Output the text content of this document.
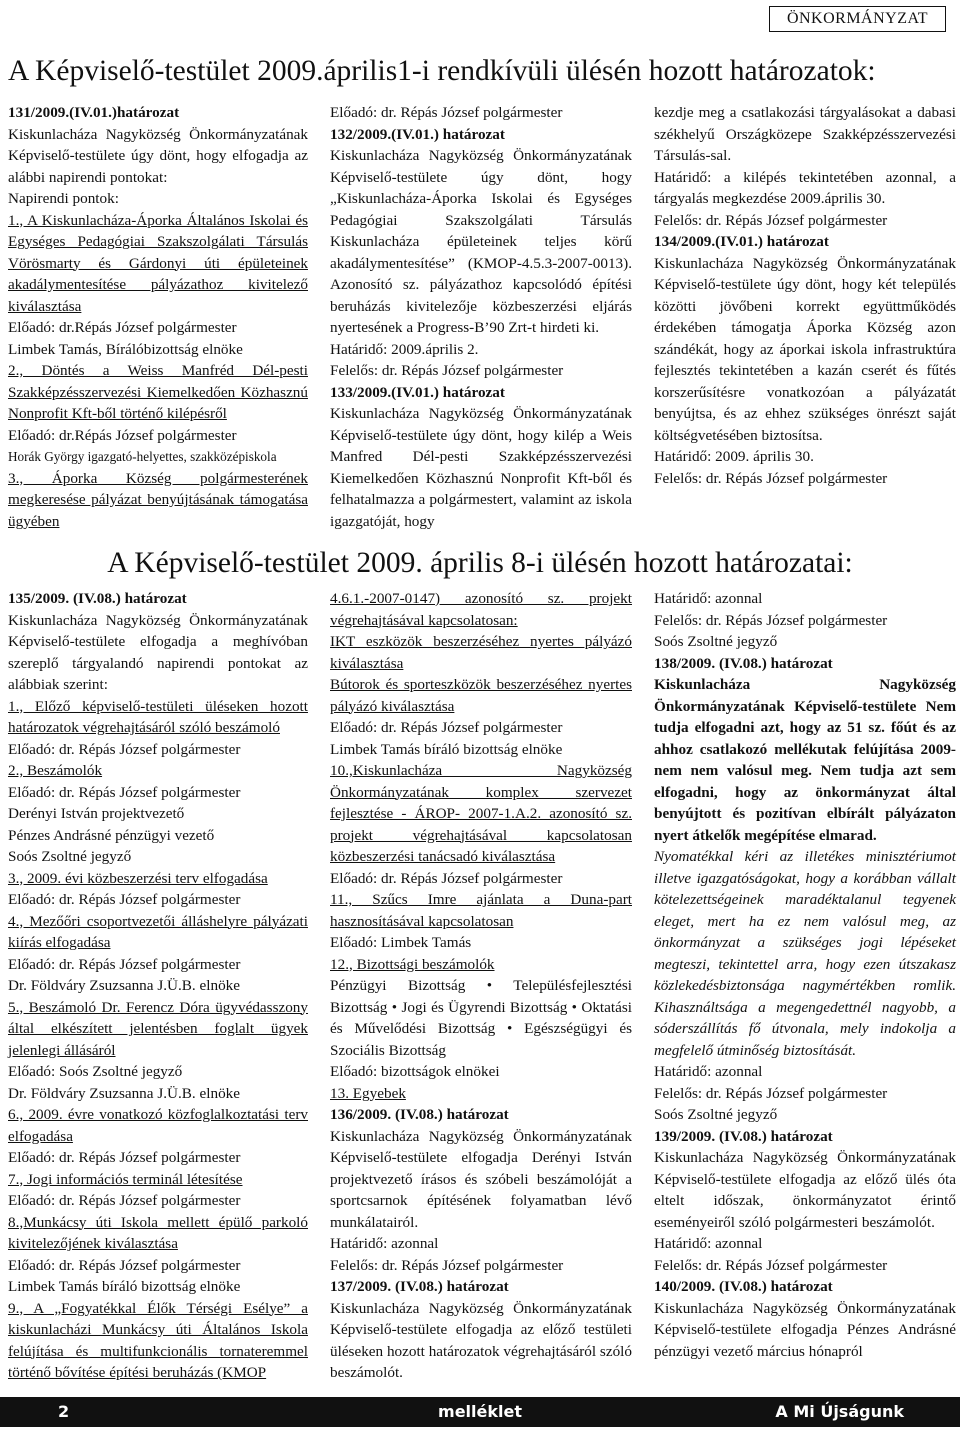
ÖNKORMÁNYZAT
A Képviselő-testület 2009.április1-i rendkívüli ülésén hozott határozatok:
A Képviselő-testület 2009. április 8-i ülésén hozott határozatai:

131/2009.(IV.01.)határozat

Kiskunlacháza Nagyközség Önkormányzatának Képviselő-testülete úgy dönt, hogy elfogadja az alábbi napirendi pontokat:

Napirendi pontok:

1., A Kiskunlacháza-Áporka Általános Iskolai és Egységes Pedagógiai Szakszolgálati Társulás Vörösmarty és Gárdonyi úti épületeinek akadálymentesítése pályázathoz kivitelező kiválasztása

Előadó: dr.Répás József polgármester

Limbek Tamás, Bírálóbizottság elnöke

2., Döntés a Weiss Manfréd Dél-pesti Szakképzésszervezési Kiemelkedően Közhasznú Nonprofit Kft-ből történő kilépésről

Előadó: dr.Répás József polgármester

Horák György igazgató-helyettes, szakközépiskola

3., Áporka Község polgármesterének megkeresése pályázat benyújtásának támogatása ügyében

Előadó: dr. Répás József polgármester

132/2009.(IV.01.) határozat

Kiskunlacháza Nagyközség Önkormányzatának Képviselő-testülete úgy dönt, hogy „Kiskunlacháza-Áporka Iskolai és Egységes Pedagógiai Szakszolgálati Társulás Kiskunlacháza épületeinek teljes körű akadálymentesítése” (KMOP-4.5.3-2007-0013). Azonosító sz. pályázathoz kapcsolódó építési beruházás kivitelezője közbeszerzési eljárás nyertesének a Progress-B’90 Zrt-t hirdeti ki.

Határidő: 2009.április 2.

Felelős: dr. Répás József polgármester

133/2009.(IV.01.) határozat

Kiskunlacháza Nagyközség Önkormányzatának Képviselő-testülete úgy dönt, hogy kilép a Weis Manfred Dél-pesti Szakképzésszervezési Kiemelkedően Közhasznú Nonprofit Kft-ből és felhatalmazza a polgármestert, valamint az iskola igazgatóját, hogy

kezdje meg a csatlakozási tárgyalásokat a dabasi székhelyű Országközepe Szakképzésszervezési Társulás-sal.

Határidő: a kilépés tekintetében azonnal, a tárgyalás megkezdése 2009.április 30.

Felelős: dr. Répás József polgármester

134/2009.(IV.01.) határozat

Kiskunlacháza Nagyközség Önkormányzatának Képviselő-testülete úgy dönt, hogy két település közötti jövőbeni korrekt együttműködés érdekében támogatja Áporka Község azon szándékát, hogy az áporkai iskola infrastruktúra fejlesztés tekintetében a kazán cserét és fűtés korszerűsítésre vonatkozóan a pályázatát benyújtsa, és az ehhez szükséges önrészt saját költségvetésében biztosítsa.

Határidő: 2009. április 30.

Felelős: dr. Répás József polgármester

135/2009. (IV.08.) határozat

Kiskunlacháza Nagyközség Önkormányzatának Képviselő-testülete elfogadja a meghívóban szereplő tárgyalandó napirendi pontokat az alábbiak szerint:

1., Előző képviselő-testületi üléseken hozott határozatok végrehajtásáról szóló beszámoló

Előadó: dr. Répás József polgármester

2., Beszámolók

Előadó: dr. Répás József polgármester

Derényi István projektvezető

Pénzes Andrásné pénzügyi vezető

Soós Zsoltné jegyző

3., 2009. évi közbeszerzési terv elfogadása

Előadó: dr. Répás József polgármester

4., Mezőőri csoportvezetői álláshelyre pályázati kiírás elfogadása

Előadó: dr. Répás József polgármester

Dr. Földváry Zsuzsanna J.Ü.B. elnöke

5., Beszámoló Dr. Ferencz Dóra ügyvédasszony által elkészített jelentésben foglalt ügyek jelenlegi állásáról

Előadó: Soós Zsoltné jegyző

Dr. Földváry Zsuzsanna J.Ü.B. elnöke

6., 2009. évre vonatkozó közfoglalkoztatási terv elfogadása

Előadó: dr. Répás József polgármester

7., Jogi információs terminál létesítése

Előadó: dr. Répás József polgármester

8.,Munkácsy úti Iskola mellett épülő parkoló kivitelezőjének kiválasztása

Előadó: dr. Répás József polgármester

Limbek Tamás bíráló bizottság elnöke

9., A „Fogyatékkal Élők Térségi Esélye” a kiskunlacházi Munkácsy úti Általános Iskola felújítása és multifunkcionális tornateremmel történő bővítése építési beruházás (KMOP

4.6.1.-2007-0147) azonosító sz. projekt végrehajtásával kapcsolatosan:

IKT eszközök beszerzéséhez nyertes pályázó kiválasztása

Bútorok és sporteszközök beszerzéséhez nyertes pályázó kiválasztása

Előadó: dr. Répás József polgármester

Limbek Tamás bíráló bizottság elnöke

10.,Kiskunlacháza Nagyközség Önkormányzatának komplex szervezet fejlesztése - ÁROP- 2007-1.A.2. azonosító sz. projekt végrehajtásával kapcsolatosan közbeszerzési tanácsadó kiválasztása

Előadó: dr. Répás József polgármester

11., Szűcs Imre ajánlata a Duna-part hasznosításával kapcsolatosan

Előadó: Limbek Tamás

12., Bizottsági beszámolók

Pénzügyi Bizottság • Településfejlesztési Bizottság • Jogi és Ügyrendi Bizottság • Oktatási és Művelődési Bizottság • Egészségügyi és Szociális Bizottság

Előadó: bizottságok elnökei

13. Egyebek

136/2009. (IV.08.) határozat

Kiskunlacháza Nagyközség Önkormányzatának Képviselő-testülete elfogadja Derényi István projektvezető írásos és szóbeli beszámolóját a sportcsarnok építésének folyamatban lévő munkálatairól.

Határidő: azonnal

Felelős: dr. Répás József polgármester

137/2009. (IV.08.) határozat

Kiskunlacháza Nagyközség Önkormányzatának Képviselő-testülete elfogadja az előző testületi üléseken hozott határozatok végrehajtásáról szóló beszámolót.

Határidő: azonnal

Felelős: dr. Répás József polgármester

Soós Zsoltné jegyző

138/2009. (IV.08.) határozat

Kiskunlacháza Nagyközség Önkormányzatának Képviselő-testülete Nem tudja elfogadni azt, hogy az 51 sz. főút és az ahhoz csatlakozó mellékutak felújítása 2009-nem nem valósul meg. Nem tudja azt sem elfogadni, hogy az önkormányzat által benyújtott és pozitívan elbírált pályázaton nyert átkelők megépítése elmarad.

Nyomatékkal kéri az illetékes minisztériumot illetve igazgatóságokat, hogy a korábban vállalt kötelezettségeinek maradéktalanul tegyenek eleget, mert ha ez nem valósul meg, az önkormányzat a szükséges jogi lépéseket megteszi, tekintettel arra, hogy ezen útszakasz közlekedésbiztonsága nagymértékben romlik. Kihasználtsága a megengedettnél nagyobb, a sóderszállítás fő útvonala, mely indokolja a megfelelő útminőség biztosítását.

Határidő: azonnal

Felelős: dr. Répás József polgármester

Soós Zsoltné jegyző

139/2009. (IV.08.) határozat

Kiskunlacháza Nagyközség Önkormányzatának Képviselő-testülete elfogadja az előző ülés óta eltelt időszak, önkormányzatot érintő eseményeiről szóló polgármesteri beszámolót.

Határidő: azonnal

Felelős: dr. Répás József polgármester

140/2009. (IV.08.) határozat

Kiskunlacháza Nagyközség Önkormányzatának Képviselő-testülete elfogadja Pénzes Andrásné pénzügyi vezető március hónapról

melléklet
2	A Mi Újságunk
